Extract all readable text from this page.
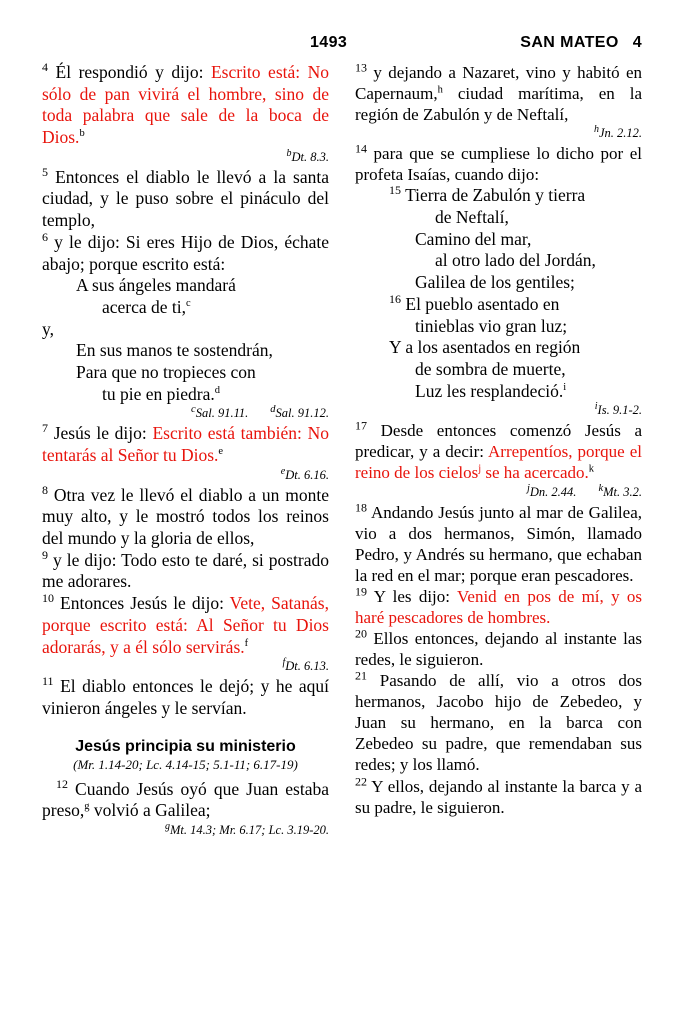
1493	SAN MATEO 4

$^4$ Él respondió y dijo: Escrito está: No sólo de pan vivirá el hombre, sino de toda palabra que sale de la boca de Dios.$^b$

$^b$Dt. 8.3.

$^5$ Entonces el diablo le llevó a la santa ciudad, y le puso sobre el pináculo del templo,

$^6$ y le dijo: Si eres Hijo de Dios, échate abajo; porque escrito está:

A sus ángeles mandará

acerca de ti,$^c$

y,

En sus manos te sostendrán,

Para que no tropieces con

tu pie en piedra.$^d$

$^c$Sal. 91.11. $^d$Sal. 91.12.

$^7$ Jesús le dijo: Escrito está también: No tentarás al Señor tu Dios.$^e$

$^e$Dt. 6.16.

$^8$ Otra vez le llevó el diablo a un monte muy alto, y le mostró todos los reinos del mundo y la gloria de ellos,

$^9$ y le dijo: Todo esto te daré, si postrado me adorares.

$^{10}$ Entonces Jesús le dijo: Vete, Satanás, porque escrito está: Al Señor tu Dios adorarás, y a él sólo servirás.$^f$

$^f$Dt. 6.13.

$^{11}$ El diablo entonces le dejó; y he aquí vinieron ángeles y le servían.

Jesús principia su ministerio

(Mr. 1.14-20; Lc. 4.14-15; 5.1-11; 6.17-19)

$^{12}$ Cuando Jesús oyó que Juan estaba preso,$^g$ volvió a Galilea;

$^g$Mt. 14.3; Mr. 6.17; Lc. 3.19-20.

$^{13}$ y dejando a Nazaret, vino y habitó en Capernaum,$^h$ ciudad marítima, en la región de Zabulón y de Neftalí,

$^h$Jn. 2.12.

$^{14}$ para que se cumpliese lo dicho por el profeta Isaías, cuando dijo:

$^{15}$ Tierra de Zabulón y tierra

de Neftalí,

Camino del mar,

al otro lado del Jordán,

Galilea de los gentiles;

$^{16}$ El pueblo asentado en

tinieblas vio gran luz;

Y a los asentados en región

de sombra de muerte,

Luz les resplandeció.$^i$

$^i$Is. 9.1-2.

$^{17}$ Desde entonces comenzó Jesús a predicar, y a decir: Arrepentíos, porque el reino de los cielos$^j$ se ha acercado.$^k$

$^j$Dn. 2.44. $^k$Mt. 3.2.

$^{18}$ Andando Jesús junto al mar de Galilea, vio a dos hermanos, Simón, llamado Pedro, y Andrés su hermano, que echaban la red en el mar; porque eran pescadores.

$^{19}$ Y les dijo: Venid en pos de mí, y os haré pescadores de hombres.

$^{20}$ Ellos entonces, dejando al instante las redes, le siguieron.

$^{21}$ Pasando de allí, vio a otros dos hermanos, Jacobo hijo de Zebedeo, y Juan su hermano, en la barca con Zebedeo su padre, que remendaban sus redes; y los llamó.

$^{22}$ Y ellos, dejando al instante la barca y a su padre, le siguieron.
